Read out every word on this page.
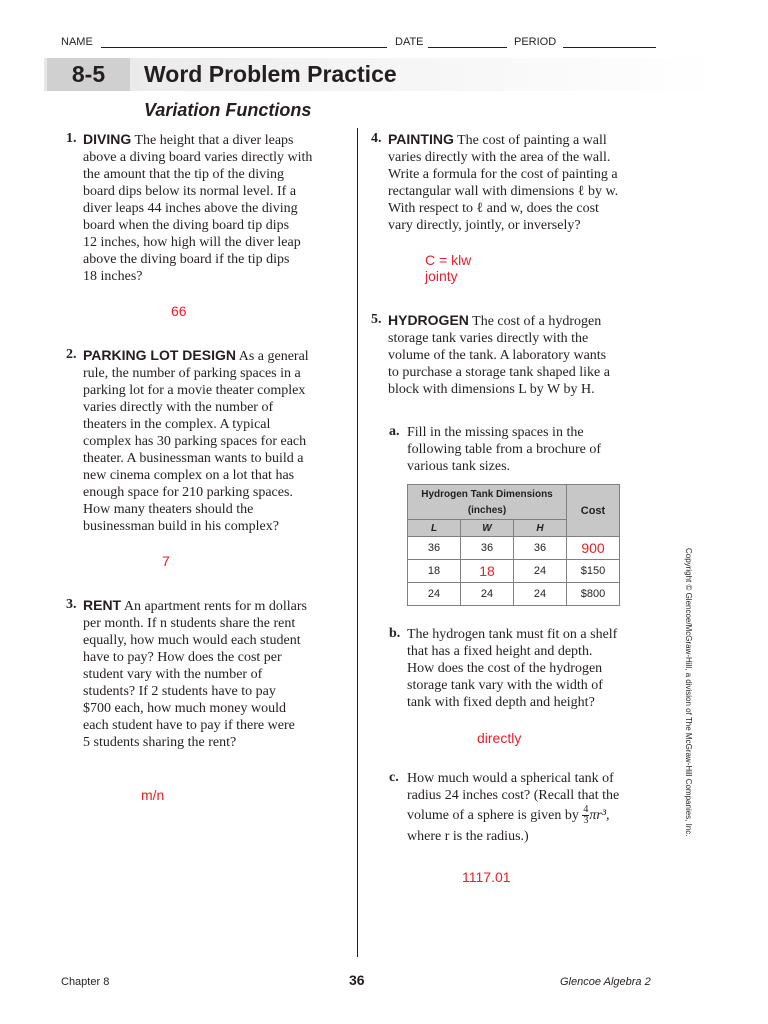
NAME	DATE	PERIOD
8-5	Word Problem Practice
Variation Functions
1. DIVING The height that a diver leaps
above a diving board varies directly with
the amount that the tip of the diving
board dips below its normal level. If a
diver leaps 44 inches above the diving
board when the diving board tip dips
12 inches, how high will the diver leap
above the diving board if the tip dips
18 inches?
66
2. PARKING LOT DESIGN As a general
rule, the number of parking spaces in a
parking lot for a movie theater complex
varies directly with the number of
theaters in the complex. A typical
complex has 30 parking spaces for each
theater. A businessman wants to build a
new cinema complex on a lot that has
enough space for 210 parking spaces.
How many theaters should the
businessman build in his complex?
7
3. RENT An apartment rents for m dollars
per month. If n students share the rent
equally, how much would each student
have to pay? How does the cost per
student vary with the number of
students? If 2 students have to pay
$700 each, how much money would
each student have to pay if there were
5 students sharing the rent?
m/n
4. PAINTING The cost of painting a wall
varies directly with the area of the wall.
Write a formula for the cost of painting a
rectangular wall with dimensions ℓ by w.
With respect to ℓ and w, does the cost
vary directly, jointly, or inversely?
C = klw
jointy
5. HYDROGEN The cost of a hydrogen
storage tank varies directly with the
volume of the tank. A laboratory wants
to purchase a storage tank shaped like a
block with dimensions L by W by H.
a. Fill in the missing spaces in the
following table from a brochure of
various tank sizes.
Hydrogen Tank Dimensions (inches)			Cost
L	W	H	
36	36	36	900
18	18	24	$150
24	24	24	$800
b. The hydrogen tank must fit on a shelf
that has a fixed height and depth.
How does the cost of the hydrogen
storage tank vary with the width of
tank with fixed depth and height?
directly
c. How much would a spherical tank of
radius 24 inches cost? (Recall that the
volume of a sphere is given by $\frac{4}{3} \pi r^3$,
where r is the radius.)
1117.01
Copyright © Glencoe/McGraw-Hill, a division of The McGraw-Hill Companies, Inc.
Chapter 8	36	Glencoe Algebra 2
